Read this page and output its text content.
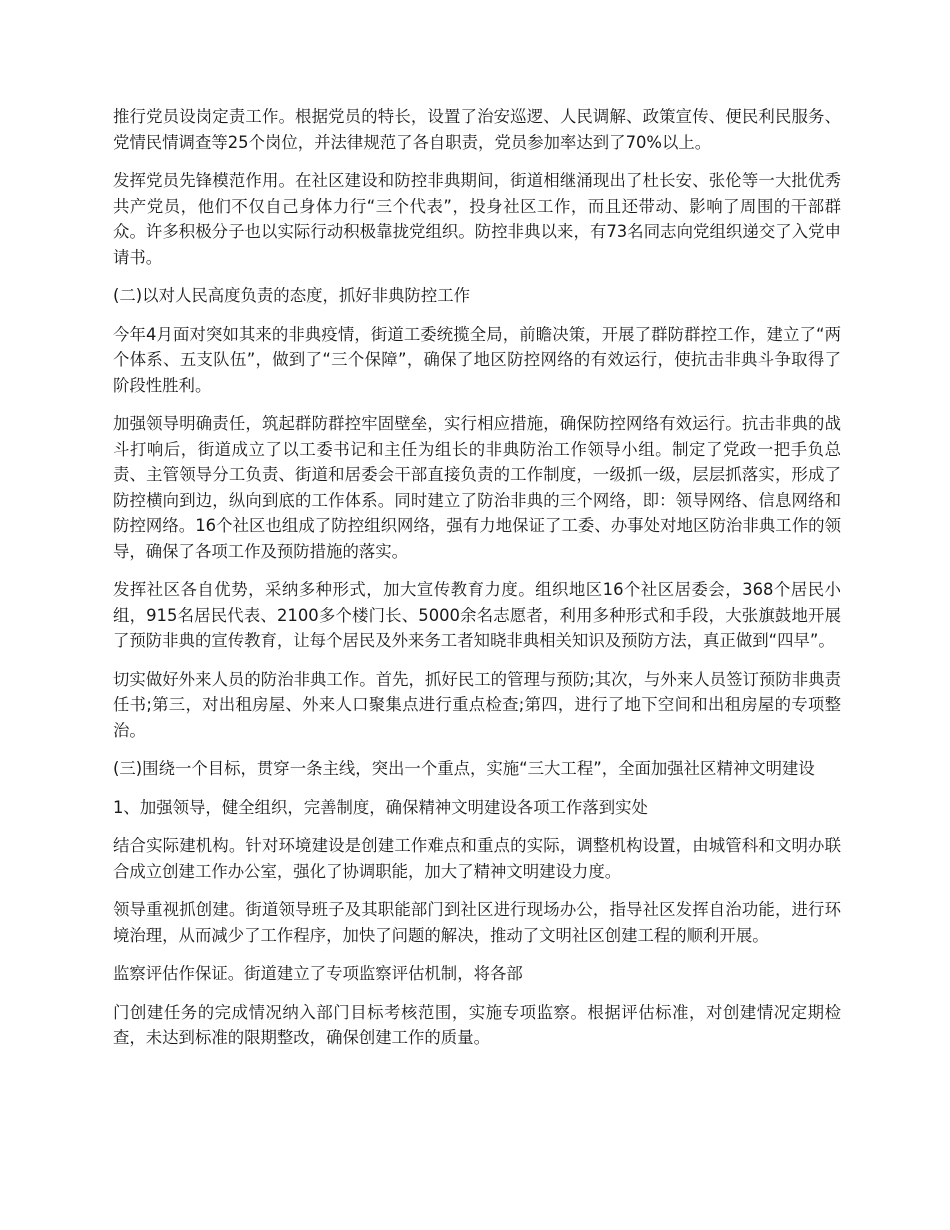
推行党员设岗定责工作。根据党员的特长，设置了治安巡逻、人民调解、政策宣传、便民利民服务、党情民情调查等25个岗位，并法律规范了各自职责，党员参加率达到了70%以上。

发挥党员先锋模范作用。在社区建设和防控非典期间，街道相继涌现出了杜长安、张伦等一大批优秀共产党员，他们不仅自己身体力行“三个代表”，投身社区工作，而且还带动、影响了周围的干部群众。许多积极分子也以实际行动积极靠拢党组织。防控非典以来，有73名同志向党组织递交了入党申请书。

(二)以对人民高度负责的态度，抓好非典防控工作

今年4月面对突如其来的非典疫情，街道工委统揽全局，前瞻决策，开展了群防群控工作，建立了“两个体系、五支队伍”，做到了“三个保障”，确保了地区防控网络的有效运行，使抗击非典斗争取得了阶段性胜利。

加强领导明确责任，筑起群防群控牢固壁垒，实行相应措施，确保防控网络有效运行。抗击非典的战斗打响后，街道成立了以工委书记和主任为组长的非典防治工作领导小组。制定了党政一把手负总责、主管领导分工负责、街道和居委会干部直接负责的工作制度，一级抓一级，层层抓落实，形成了防控横向到边，纵向到底的工作体系。同时建立了防治非典的三个网络，即：领导网络、信息网络和防控网络。16个社区也组成了防控组织网络，强有力地保证了工委、办事处对地区防治非典工作的领导，确保了各项工作及预防措施的落实。

发挥社区各自优势，采纳多种形式，加大宣传教育力度。组织地区16个社区居委会，368个居民小组，915名居民代表、2100多个楼门长、5000余名志愿者，利用多种形式和手段，大张旗鼓地开展了预防非典的宣传教育，让每个居民及外来务工者知晓非典相关知识及预防方法，真正做到“四早”。

切实做好外来人员的防治非典工作。首先，抓好民工的管理与预防;其次，与外来人员签订预防非典责任书;第三，对出租房屋、外来人口聚集点进行重点检查;第四，进行了地下空间和出租房屋的专项整治。

(三)围绕一个目标，贯穿一条主线，突出一个重点，实施“三大工程”，全面加强社区精神文明建设

1、加强领导，健全组织，完善制度，确保精神文明建设各项工作落到实处

结合实际建机构。针对环境建设是创建工作难点和重点的实际，调整机构设置，由城管科和文明办联合成立创建工作办公室，强化了协调职能，加大了精神文明建设力度。

领导重视抓创建。街道领导班子及其职能部门到社区进行现场办公，指导社区发挥自治功能，进行环境治理，从而减少了工作程序，加快了问题的解决，推动了文明社区创建工程的顺利开展。

监察评估作保证。街道建立了专项监察评估机制，将各部

门创建任务的完成情况纳入部门目标考核范围，实施专项监察。根据评估标准，对创建情况定期检查，未达到标准的限期整改，确保创建工作的质量。
